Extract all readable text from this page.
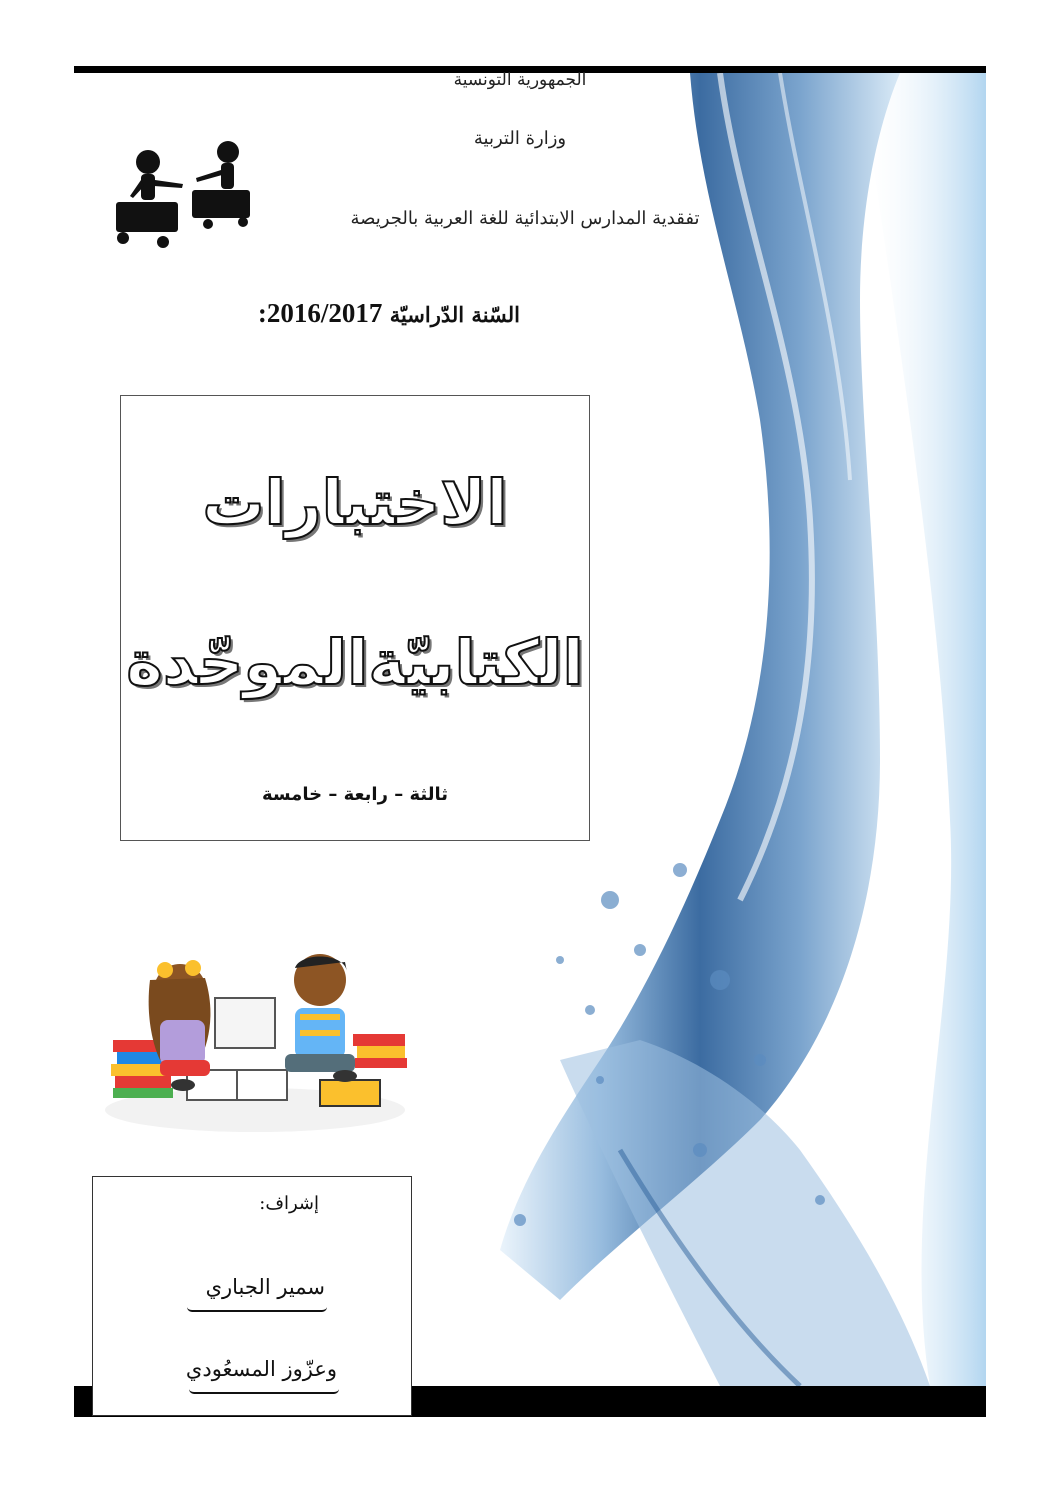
الجمهورية التونسية
وزارة التربية
تفقدية المدارس الابتدائية للغة العربية بالجريصة
السّنة الدّراسيّة 2016/2017:
الاختبارات
الكتابيّةالموحّدة
ثالثة – رابعة – خامسة
إشراف:
سمير الجباري
وعزّوز المسعُودي
